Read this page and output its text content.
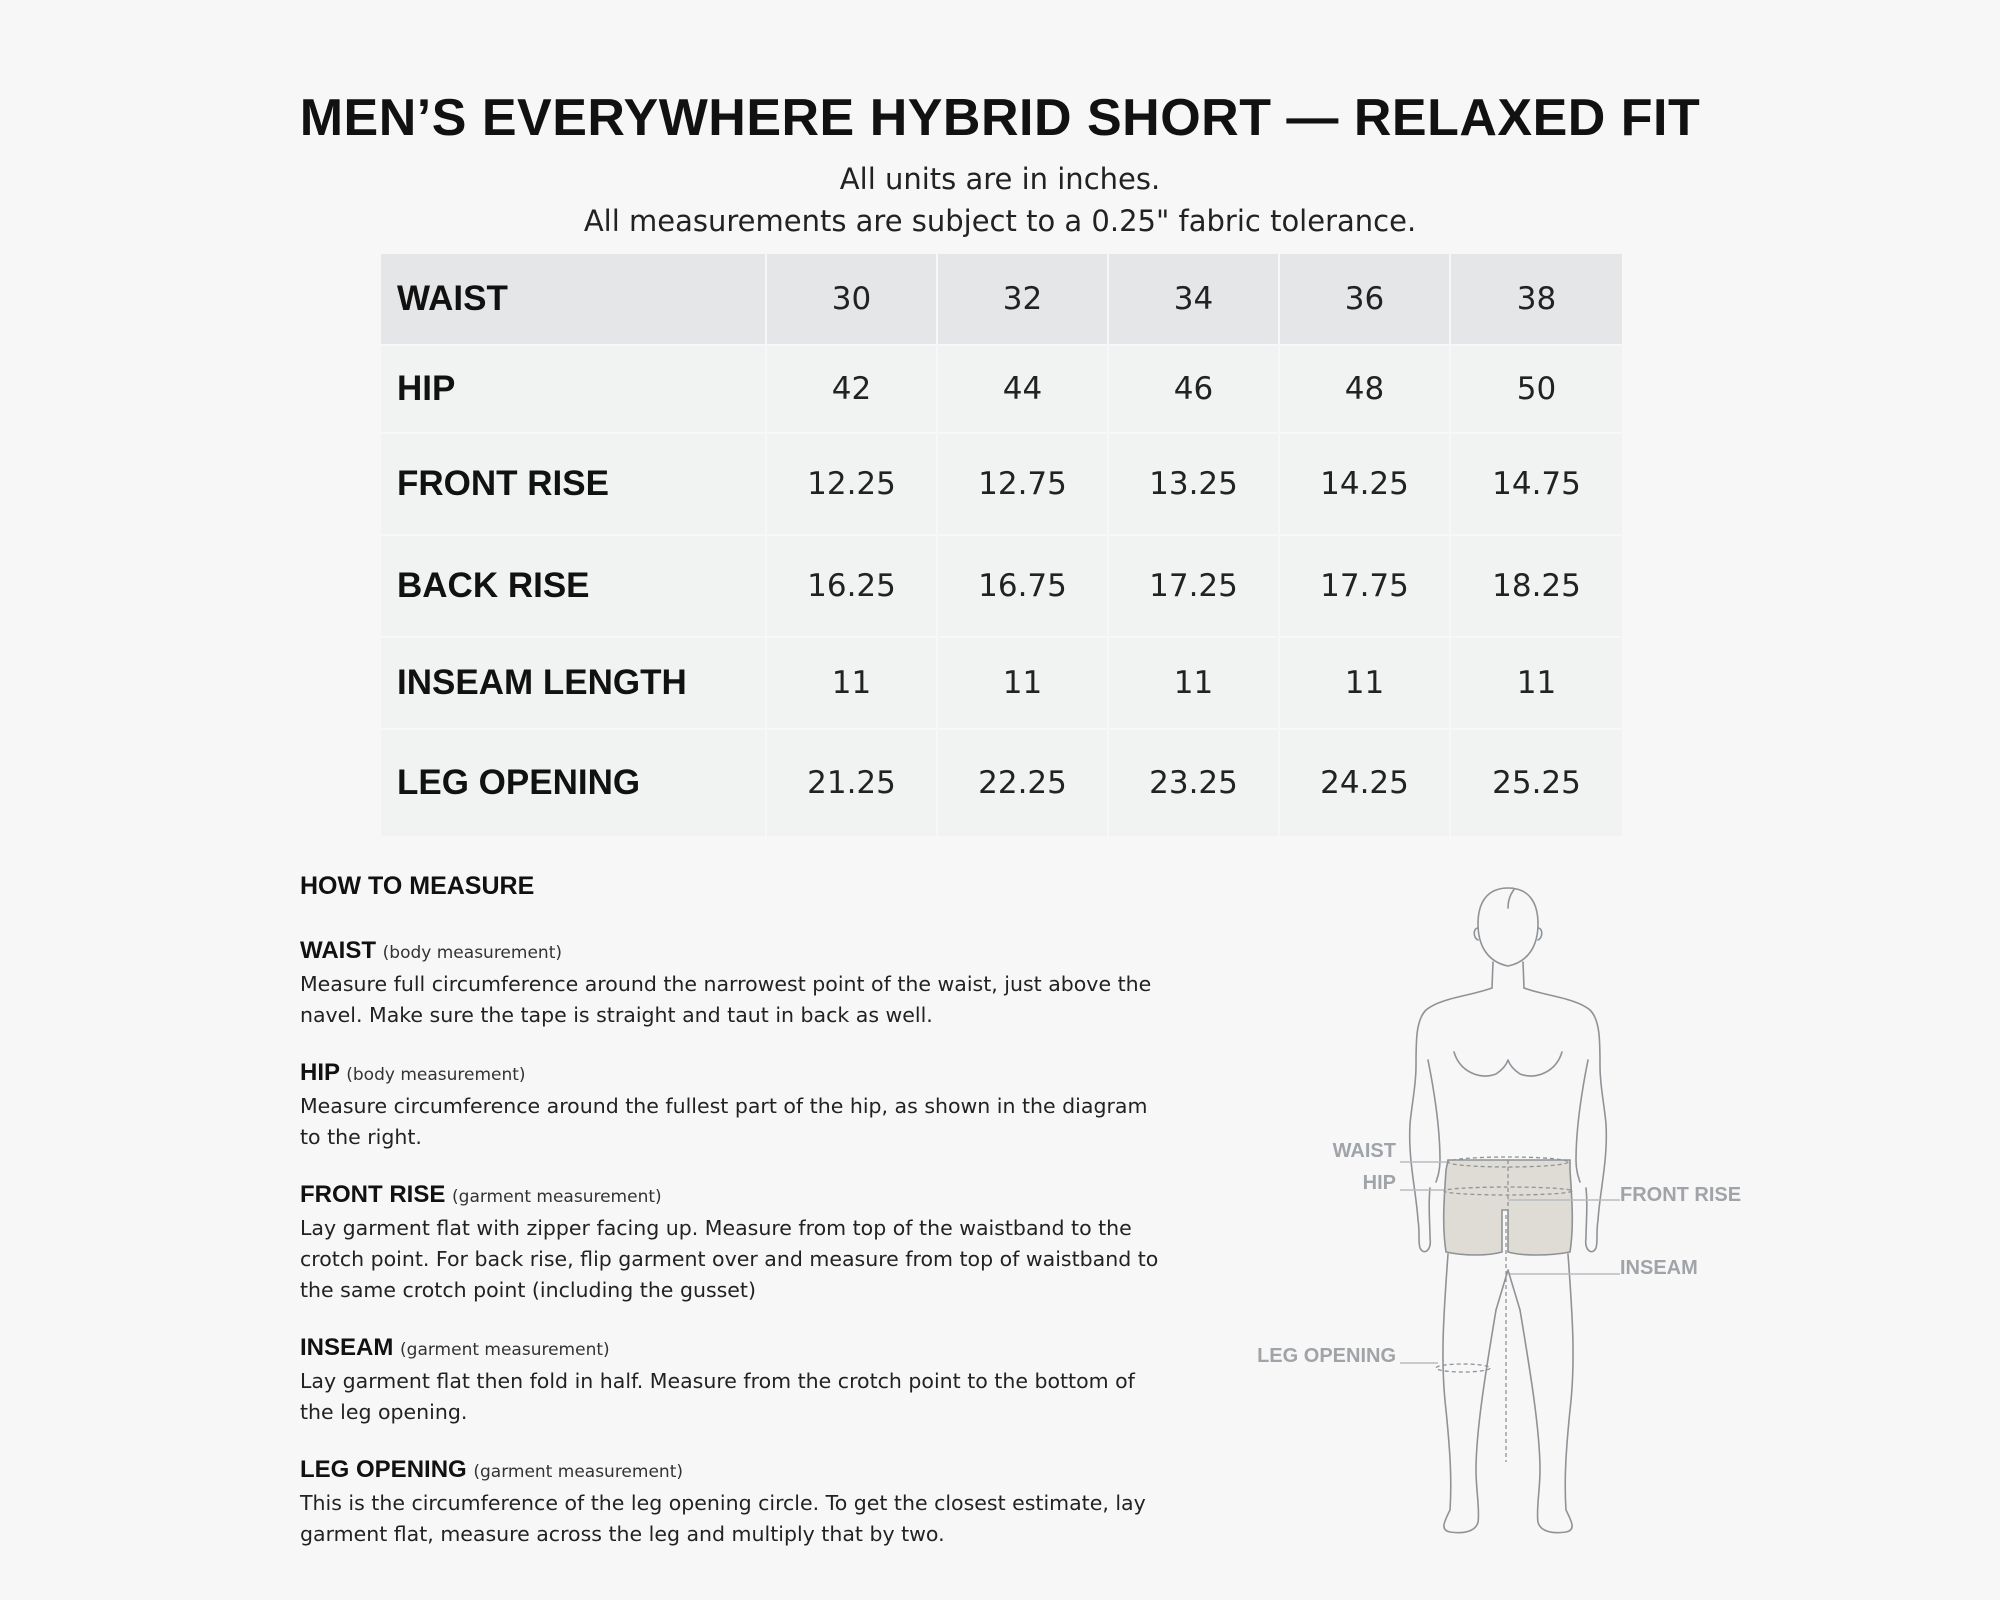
MEN’S EVERYWHERE HYBRID SHORT — RELAXED FIT

All units are in inches.

All measurements are subject to a 0.25" fabric tolerance.

WAIST	30	32	34	36	38
HIP	42	44	46	48	50
FRONT RISE	12.25	12.75	13.25	14.25	14.75
BACK RISE	16.25	16.75	17.25	17.75	18.25
INSEAM LENGTH	11	11	11	11	11
LEG OPENING	21.25	22.25	23.25	24.25	25.25
HOW TO MEASURE
WAIST (body measurement)
Measure full circumference around the narrowest point of the waist, just above the navel. Make sure the tape is straight and taut in back as well.
HIP (body measurement)
Measure circumference around the fullest part of the hip, as shown in the diagram to the right.
FRONT RISE (garment measurement)
Lay garment flat with zipper facing up. Measure from top of the waistband to the crotch point. For back rise, flip garment over and measure from top of waistband to the same crotch point (including the gusset)
INSEAM (garment measurement)
Lay garment flat then fold in half. Measure from the crotch point to the bottom of the leg opening.
LEG OPENING (garment measurement)
This is the circumference of the leg opening circle. To get the closest estimate, lay garment flat, measure across the leg and multiply that by two.
WAIST
HIP
FRONT RISE
INSEAM
LEG OPENING
